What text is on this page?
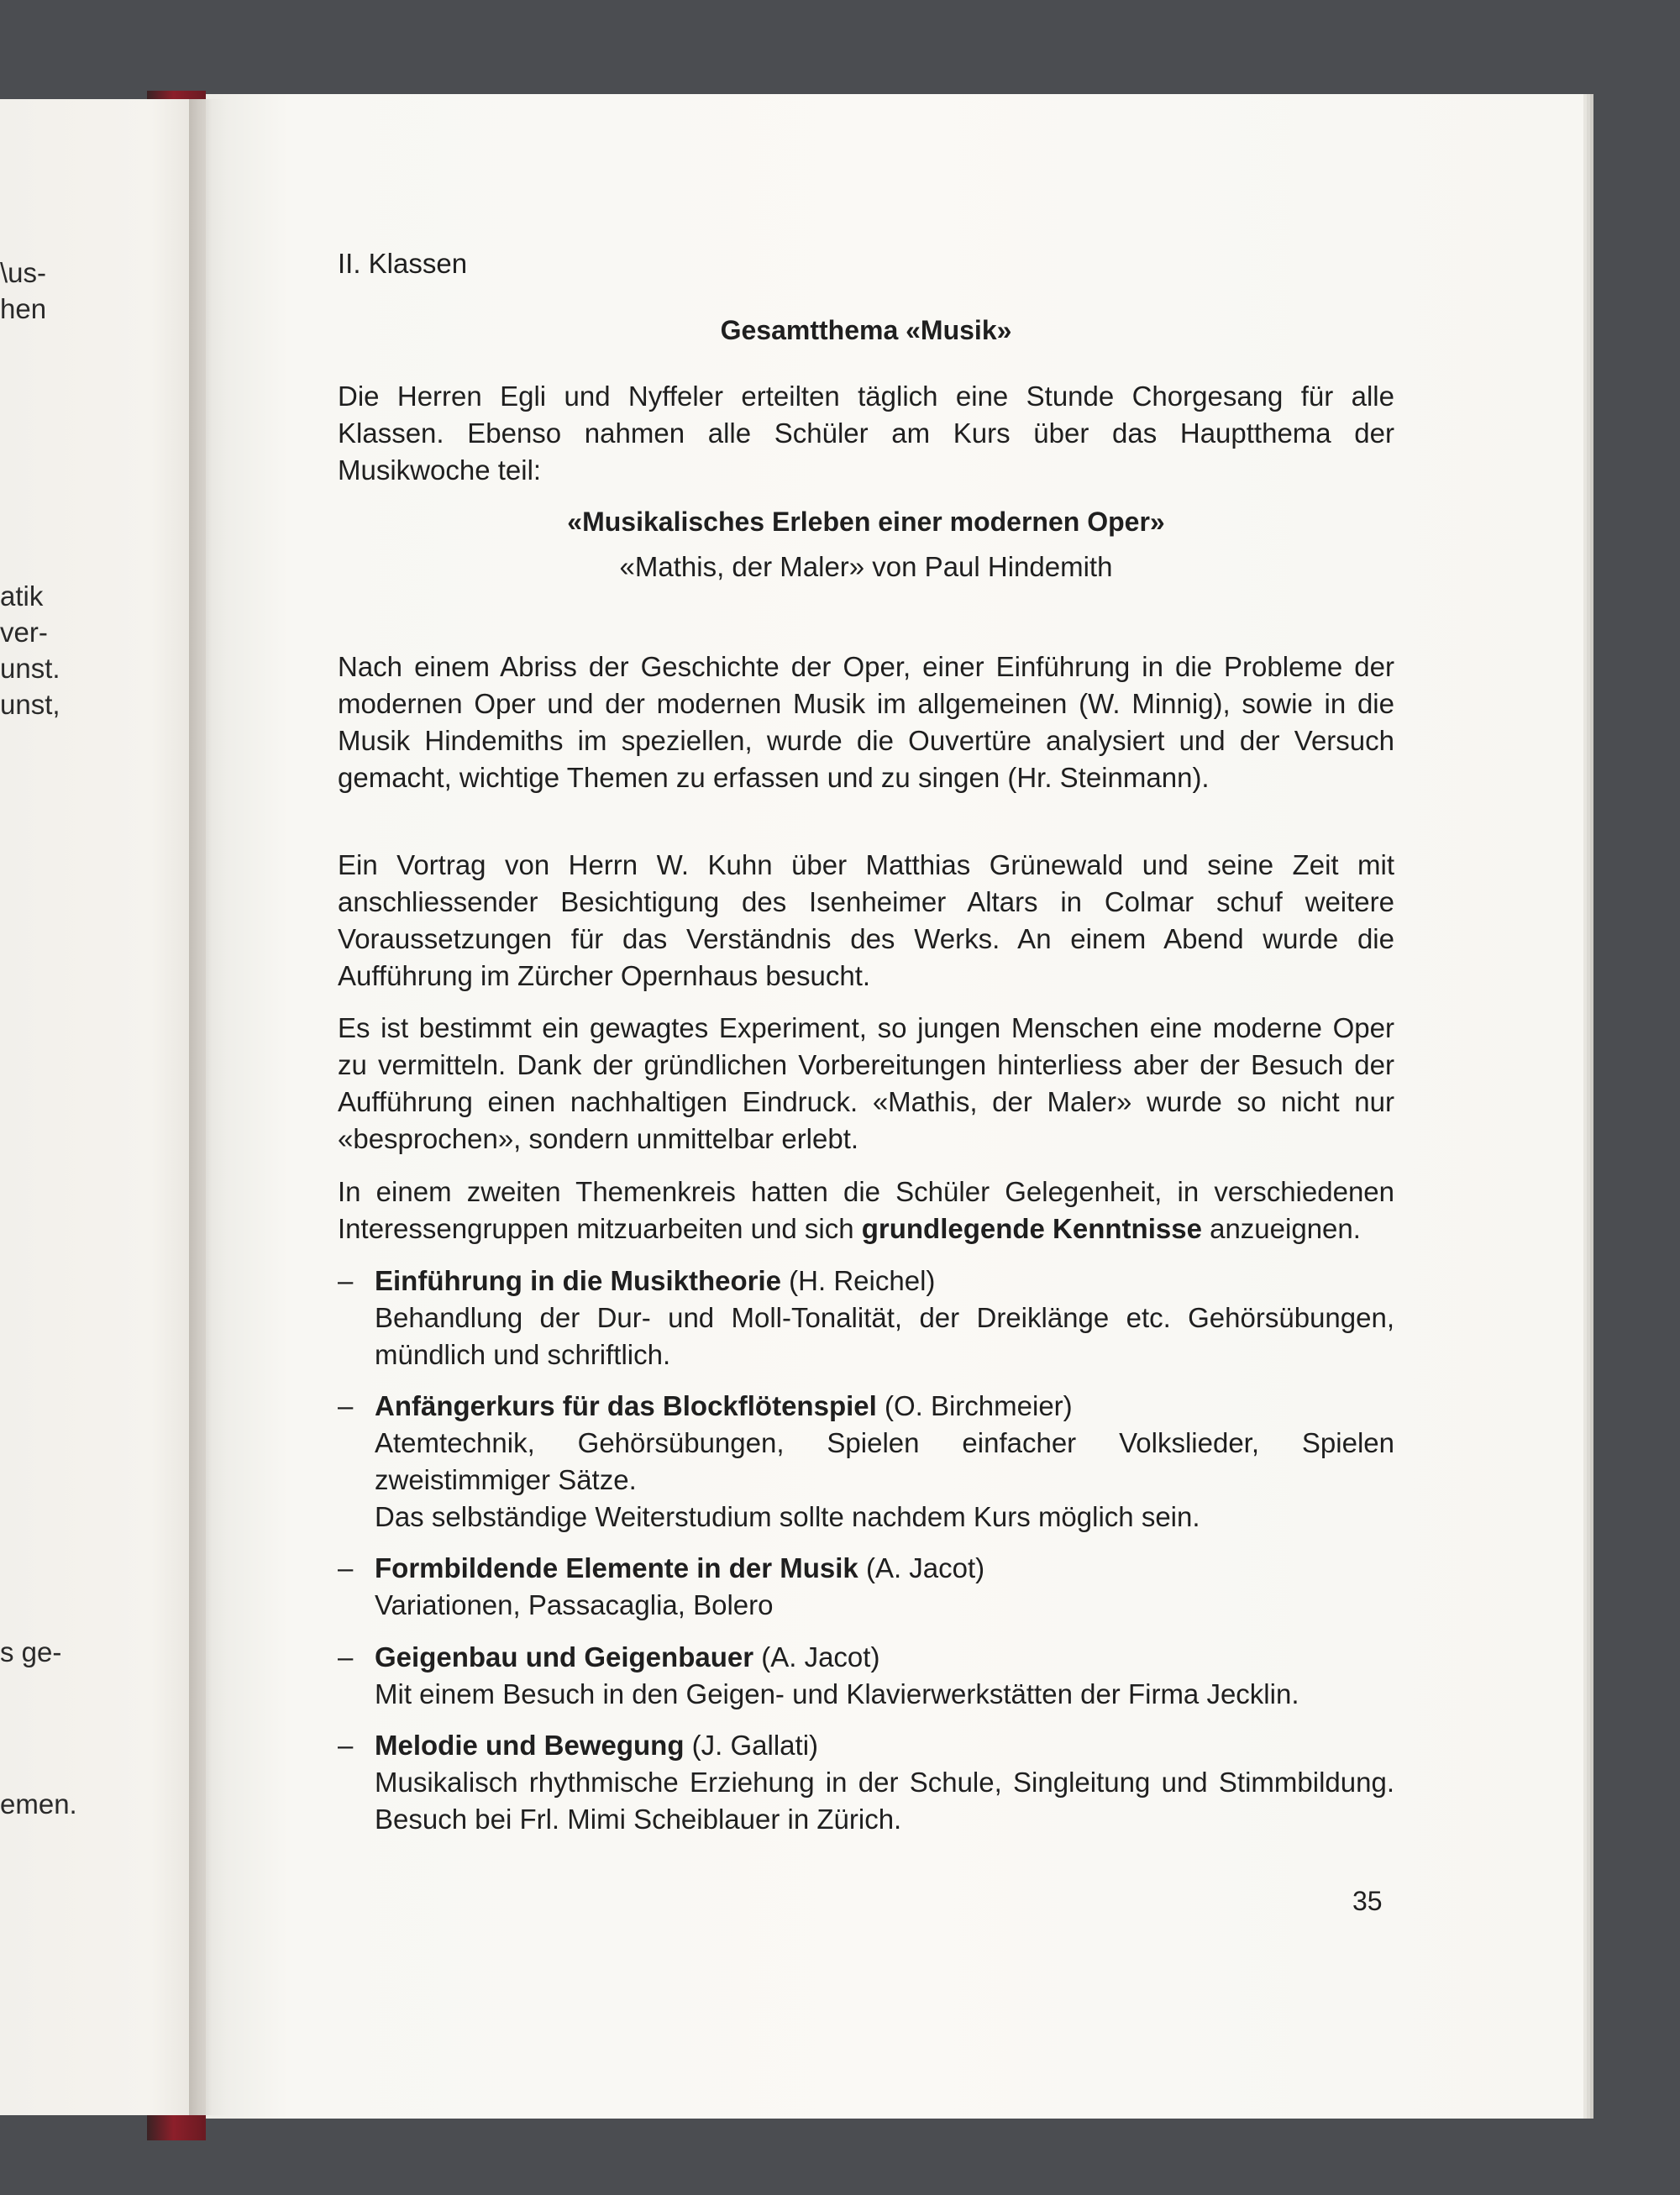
\us-
hen
atik
ver-
unst.
unst,
s ge-
emen.
II. Klassen
Gesamtthema «Musik»
Die Herren Egli und Nyffeler erteilten täglich eine Stunde Chorgesang für alle Klassen. Ebenso nahmen alle Schüler am Kurs über das Hauptthema der Musikwoche teil:
«Musikalisches Erleben einer modernen Oper»
«Mathis, der Maler» von Paul Hindemith
Nach einem Abriss der Geschichte der Oper, einer Einführung in die Probleme der modernen Oper und der modernen Musik im allgemeinen (W. Minnig), sowie in die Musik Hindemiths im speziellen, wurde die Ouvertüre analysiert und der Versuch gemacht, wichtige Themen zu erfassen und zu singen (Hr. Steinmann).
Ein Vortrag von Herrn W. Kuhn über Matthias Grünewald und seine Zeit mit anschliessender Besichtigung des Isenheimer Altars in Colmar schuf weitere Voraussetzungen für das Verständnis des Werks. An einem Abend wurde die Aufführung im Zürcher Opernhaus besucht.
Es ist bestimmt ein gewagtes Experiment, so jungen Menschen eine moderne Oper zu vermitteln. Dank der gründlichen Vorbereitungen hinterliess aber der Besuch der Aufführung einen nachhaltigen Eindruck. «Mathis, der Maler» wurde so nicht nur «besprochen», sondern unmittelbar erlebt.
In einem zweiten Themenkreis hatten die Schüler Gelegenheit, in verschiedenen Interessengruppen mitzuarbeiten und sich grundlegende Kenntnisse anzueignen.
– Einführung in die Musiktheorie (H. Reichel)
Behandlung der Dur- und Moll-Tonalität, der Dreiklänge etc. Gehörsübungen, mündlich und schriftlich.
– Anfängerkurs für das Blockflötenspiel (O. Birchmeier)
Atemtechnik, Gehörsübungen, Spielen einfacher Volkslieder, Spielen zweistimmiger Sätze.
Das selbständige Weiterstudium sollte nachdem Kurs möglich sein.
– Formbildende Elemente in der Musik (A. Jacot)
Variationen, Passacaglia, Bolero
– Geigenbau und Geigenbauer (A. Jacot)
Mit einem Besuch in den Geigen- und Klavierwerkstätten der Firma Jecklin.
– Melodie und Bewegung (J. Gallati)
Musikalisch rhythmische Erziehung in der Schule, Singleitung und Stimmbildung. Besuch bei Frl. Mimi Scheiblauer in Zürich.
35
